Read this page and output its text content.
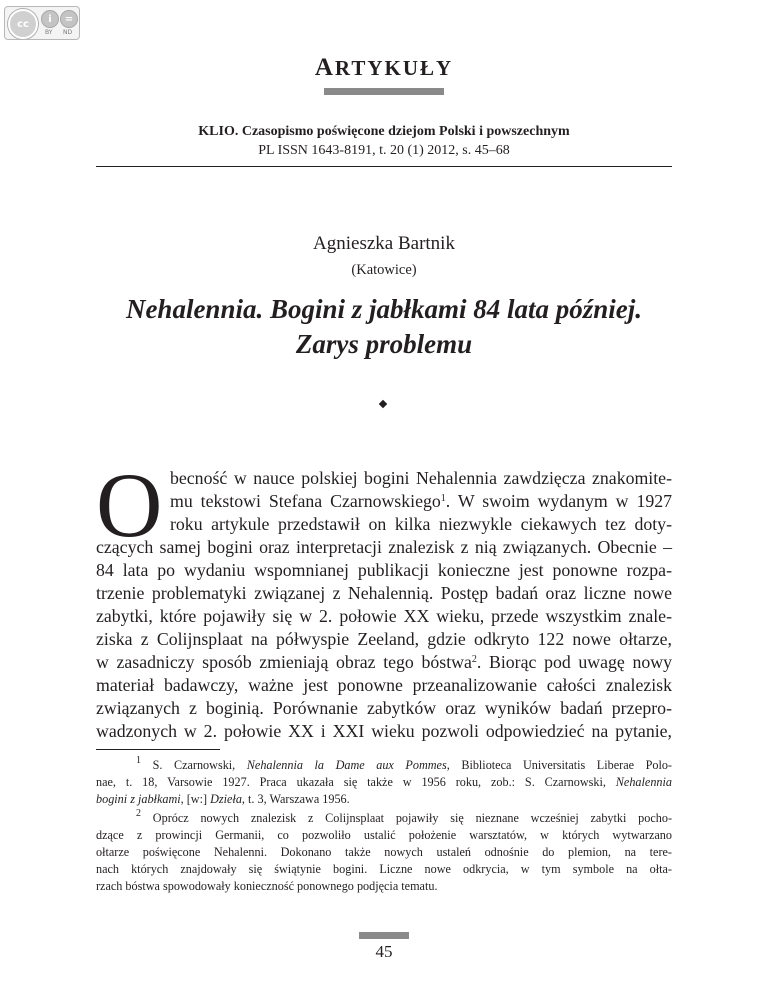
cc	i	=
BY ND
ARTYKUŁY
KLIO. Czasopismo poświęcone dziejom Polski i powszechnym
PL ISSN 1643-8191, t. 20 (1) 2012, s. 45–68
Agnieszka Bartnik
(Katowice)
Nehalennia. Bogini z jabłkami 84 lata później.
Zarys problemu
O becność w nauce polskiej bogini Nehalennia zawdzięcza znakomite-
mu tekstowi Stefana Czarnowskiego$^1$. W swoim wydanym w 1927
roku artykule przedstawił on kilka niezwykle ciekawych tez doty-
czących samej bogini oraz interpretacji znalezisk z nią związanych. Obecnie –
84 lata po wydaniu wspomnianej publikacji konieczne jest ponowne rozpa-
trzenie problematyki związanej z Nehalennią. Postęp badań oraz liczne nowe
zabytki, które pojawiły się w 2. połowie XX wieku, przede wszystkim znale-
ziska z Colijnsplaat na półwyspie Zeeland, gdzie odkryto 122 nowe ołtarze,
w zasadniczy sposób zmieniają obraz tego bóstwa$^2$. Biorąc pod uwagę nowy
materiał badawczy, ważne jest ponowne przeanalizowanie całości znalezisk
związanych z boginią. Porównanie zabytków oraz wyników badań przepro-
wadzonych w 2. połowie XX i XXI wieku pozwoli odpowiedzieć na pytanie,
$^1$ S. Czarnowski, Nehalennia la Dame aux Pommes, Biblioteca Universitatis Liberae Polo-
nae, t. 18, Varsowie 1927. Praca ukazała się także w 1956 roku, zob.: S. Czarnowski, Nehalennia
bogini z jabłkami, [w:] Dzieła, t. 3, Warszawa 1956.
$^2$ Oprócz nowych znalezisk z Colijnsplaat pojawiły się nieznane wcześniej zabytki pocho-
dzące z prowincji Germanii, co pozwoliło ustalić położenie warsztatów, w których wytwarzano
ołtarze poświęcone Nehalenni. Dokonano także nowych ustaleń odnośnie do plemion, na tere-
nach których znajdowały się świątynie bogini. Liczne nowe odkrycia, w tym symbole na ołta-
rzach bóstwa spowodowały konieczność ponownego podjęcia tematu.
45
